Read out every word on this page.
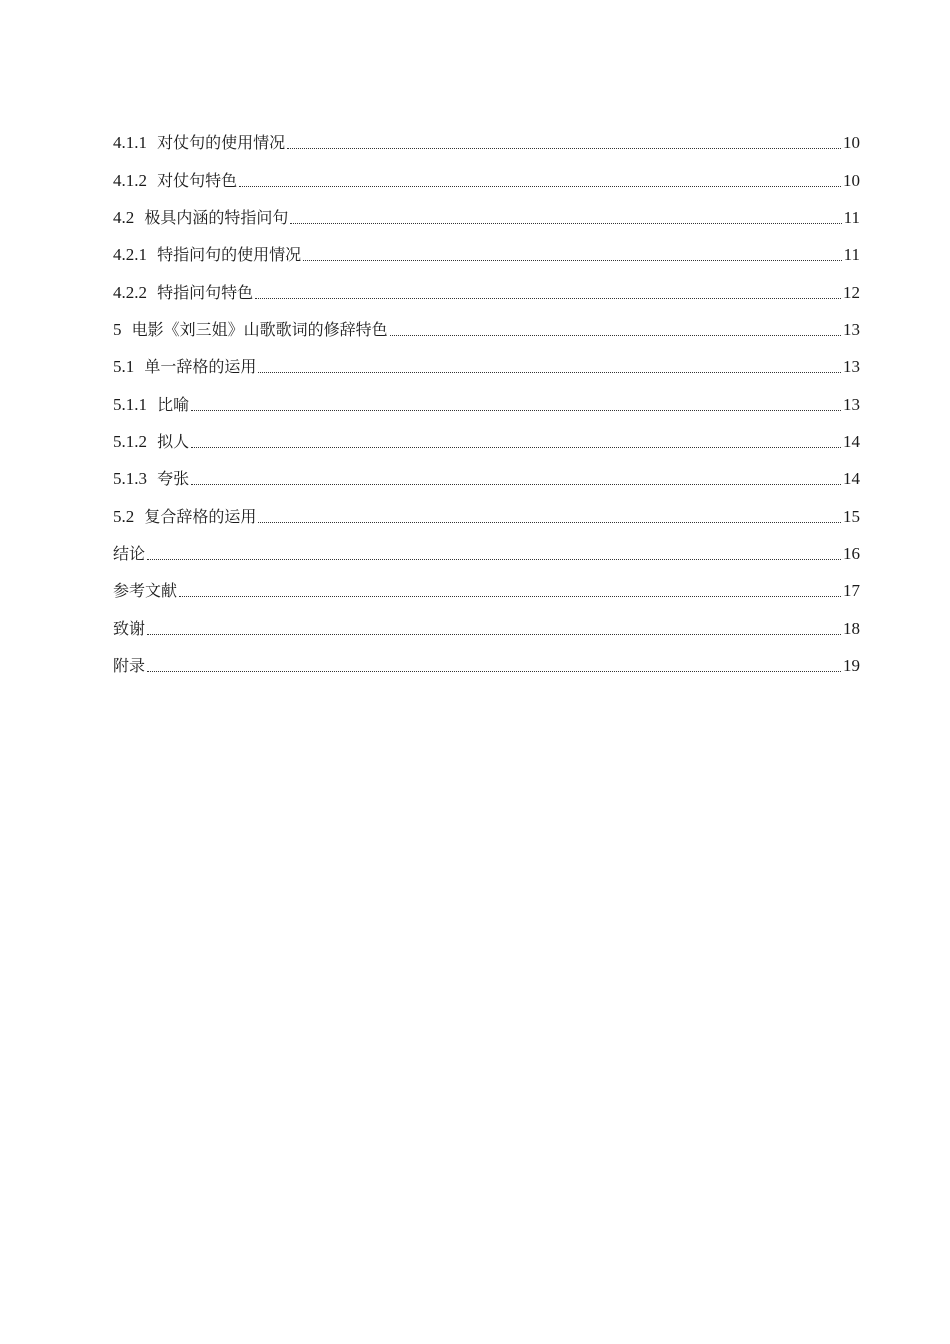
4.1.1 对仗句的使用情况	10
4.1.2 对仗句特色	10
4.2 极具内涵的特指问句	11
4.2.1 特指问句的使用情况	11
4.2.2 特指问句特色	12
5 电影《刘三姐》山歌歌词的修辞特色	13
5.1 单一辞格的运用	13
5.1.1 比喻	13
5.1.2 拟人	14
5.1.3 夸张	14
5.2 复合辞格的运用	15
结论	16
参考文献	17
致谢	18
附录	19
